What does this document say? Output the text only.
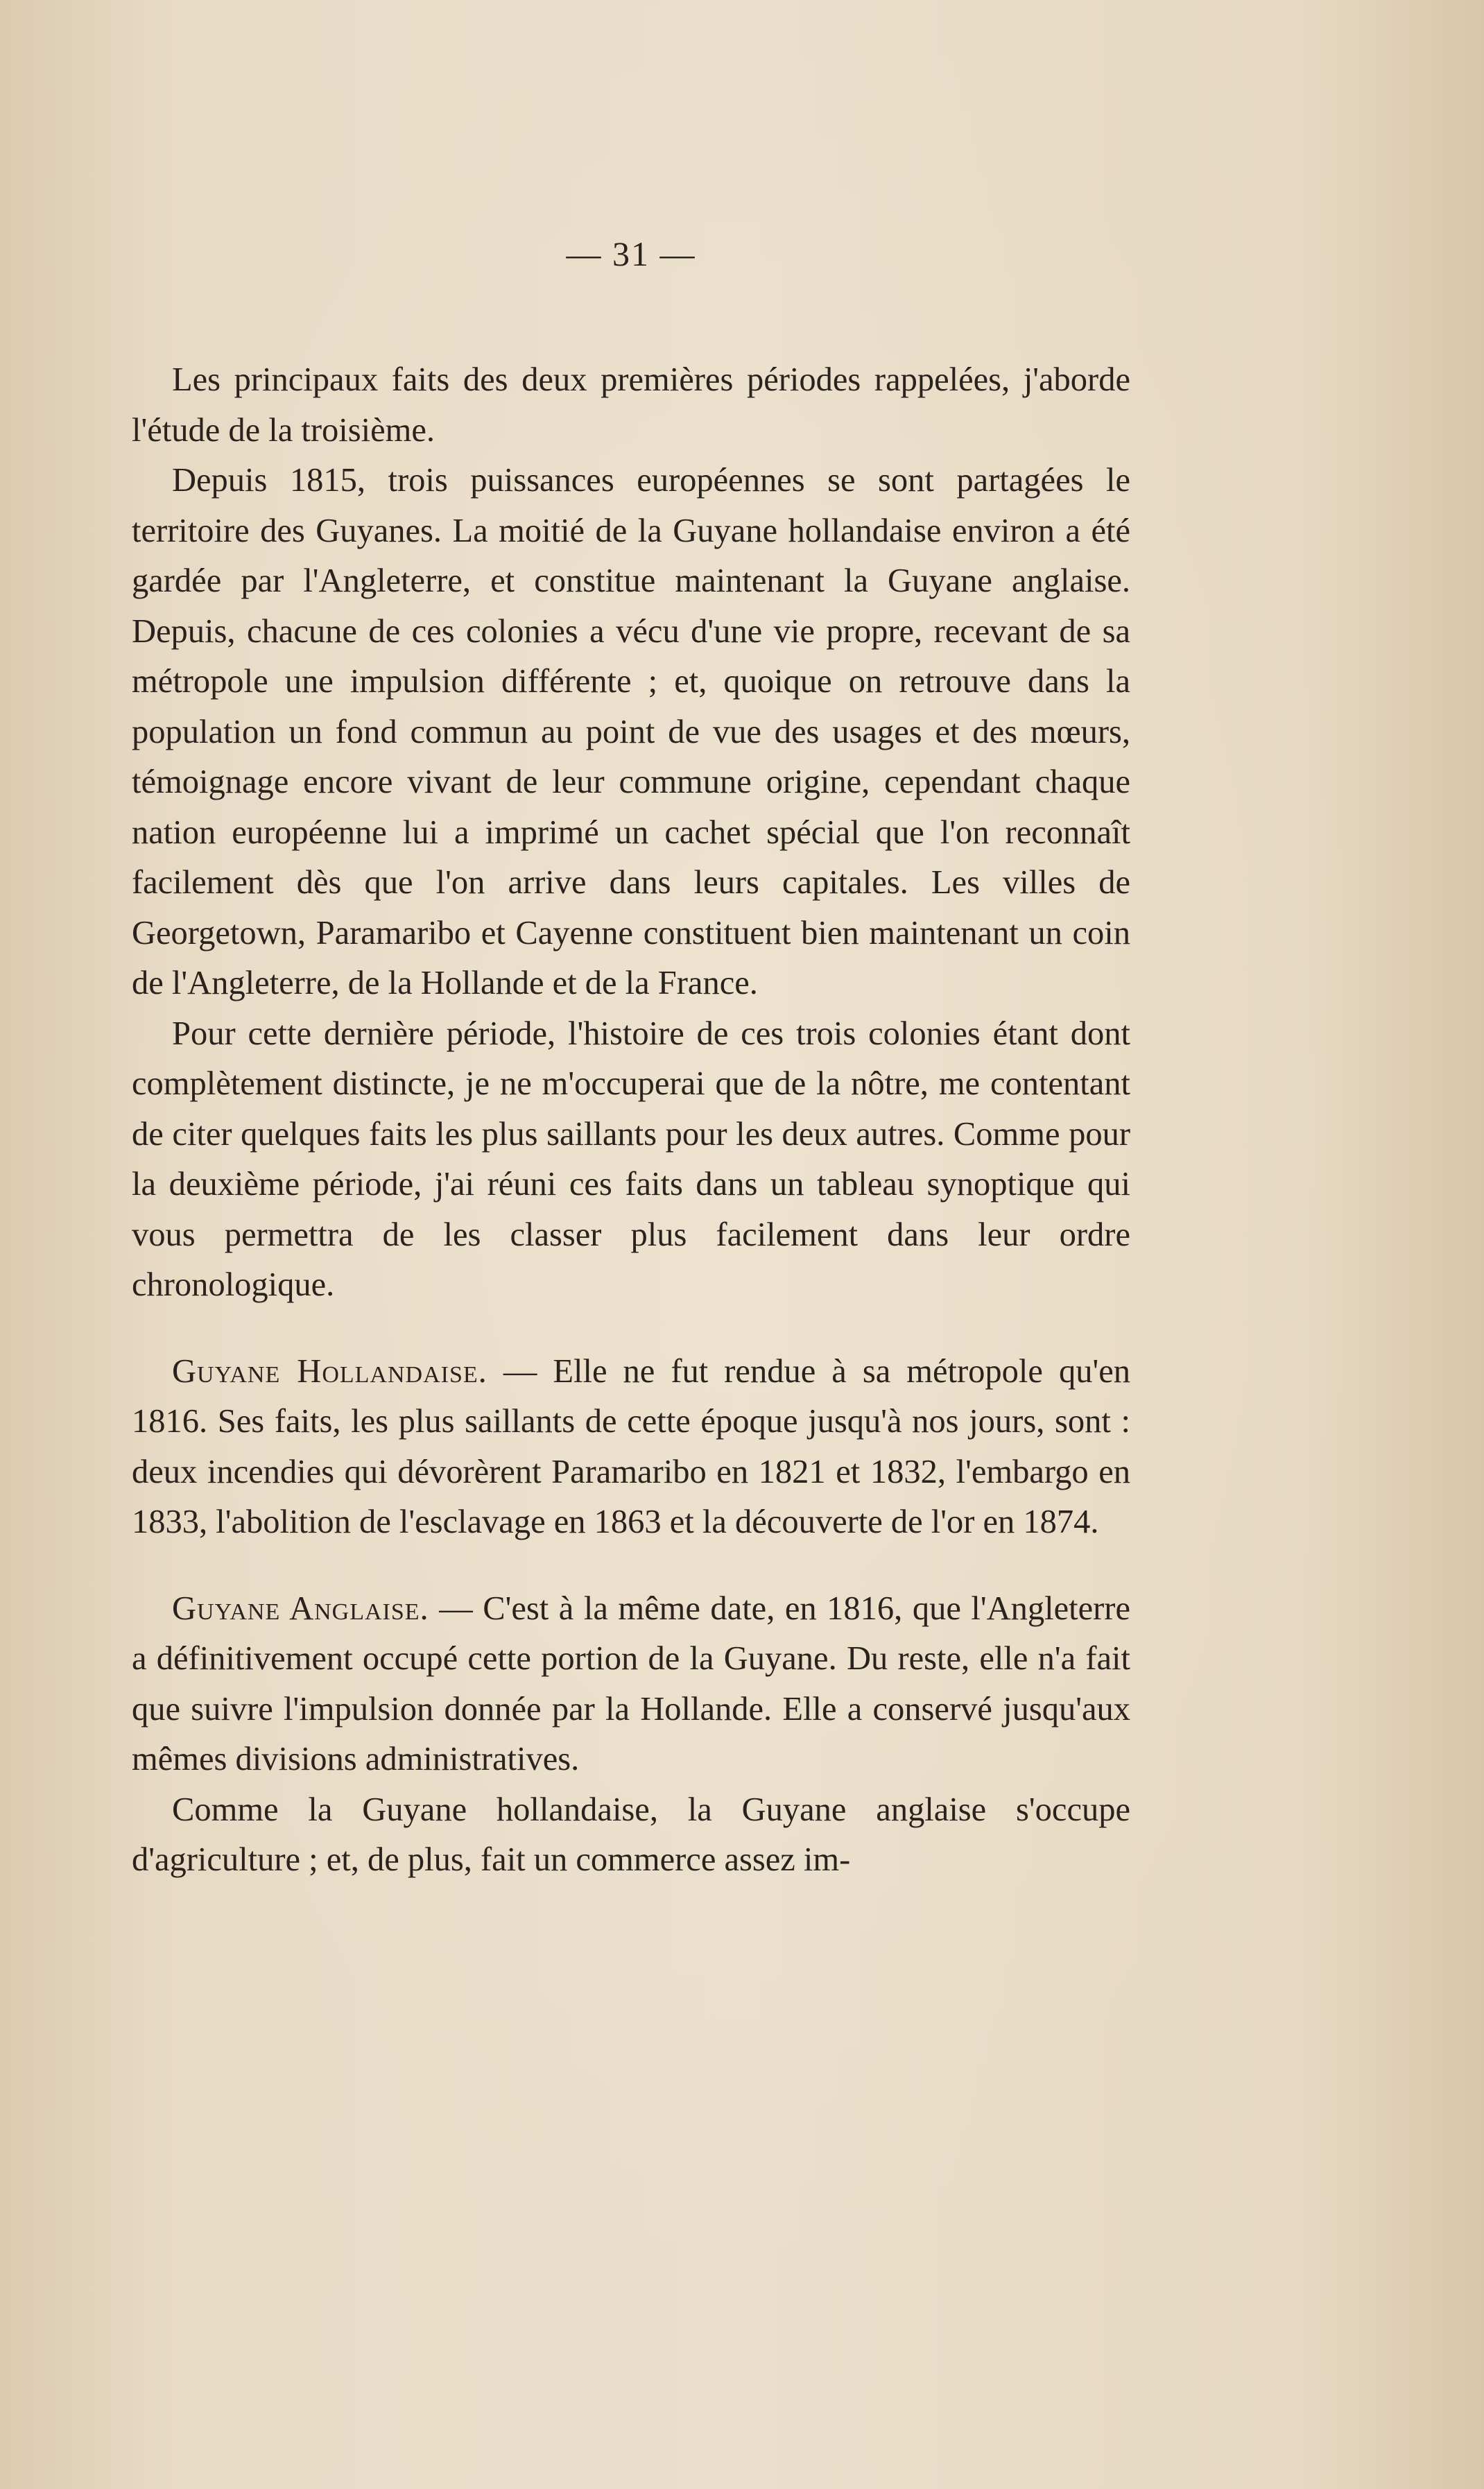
— 31 —

Les principaux faits des deux premières périodes rappelées, j'aborde l'étude de la troisième.

Depuis 1815, trois puissances européennes se sont partagées le territoire des Guyanes. La moitié de la Guyane hollandaise environ a été gardée par l'Angleterre, et constitue maintenant la Guyane anglaise. Depuis, chacune de ces colonies a vécu d'une vie propre, recevant de sa métropole une impulsion différente ; et, quoique on retrouve dans la population un fond commun au point de vue des usages et des mœurs, témoignage encore vivant de leur commune origine, cependant chaque nation européenne lui a imprimé un cachet spécial que l'on reconnaît facilement dès que l'on arrive dans leurs capitales. Les villes de Georgetown, Paramaribo et Cayenne constituent bien maintenant un coin de l'Angleterre, de la Hollande et de la France.

Pour cette dernière période, l'histoire de ces trois colonies étant dont complètement distincte, je ne m'occuperai que de la nôtre, me contentant de citer quelques faits les plus saillants pour les deux autres. Comme pour la deuxième période, j'ai réuni ces faits dans un tableau synoptique qui vous permettra de les classer plus facilement dans leur ordre chronologique.

Guyane Hollandaise. — Elle ne fut rendue à sa métropole qu'en 1816. Ses faits, les plus saillants de cette époque jusqu'à nos jours, sont : deux incendies qui dévorèrent Paramaribo en 1821 et 1832, l'embargo en 1833, l'abolition de l'esclavage en 1863 et la découverte de l'or en 1874.

Guyane Anglaise. — C'est à la même date, en 1816, que l'Angleterre a définitivement occupé cette portion de la Guyane. Du reste, elle n'a fait que suivre l'impulsion donnée par la Hollande. Elle a conservé jusqu'aux mêmes divisions administratives.

Comme la Guyane hollandaise, la Guyane anglaise s'occupe d'agriculture ; et, de plus, fait un commerce assez im-
